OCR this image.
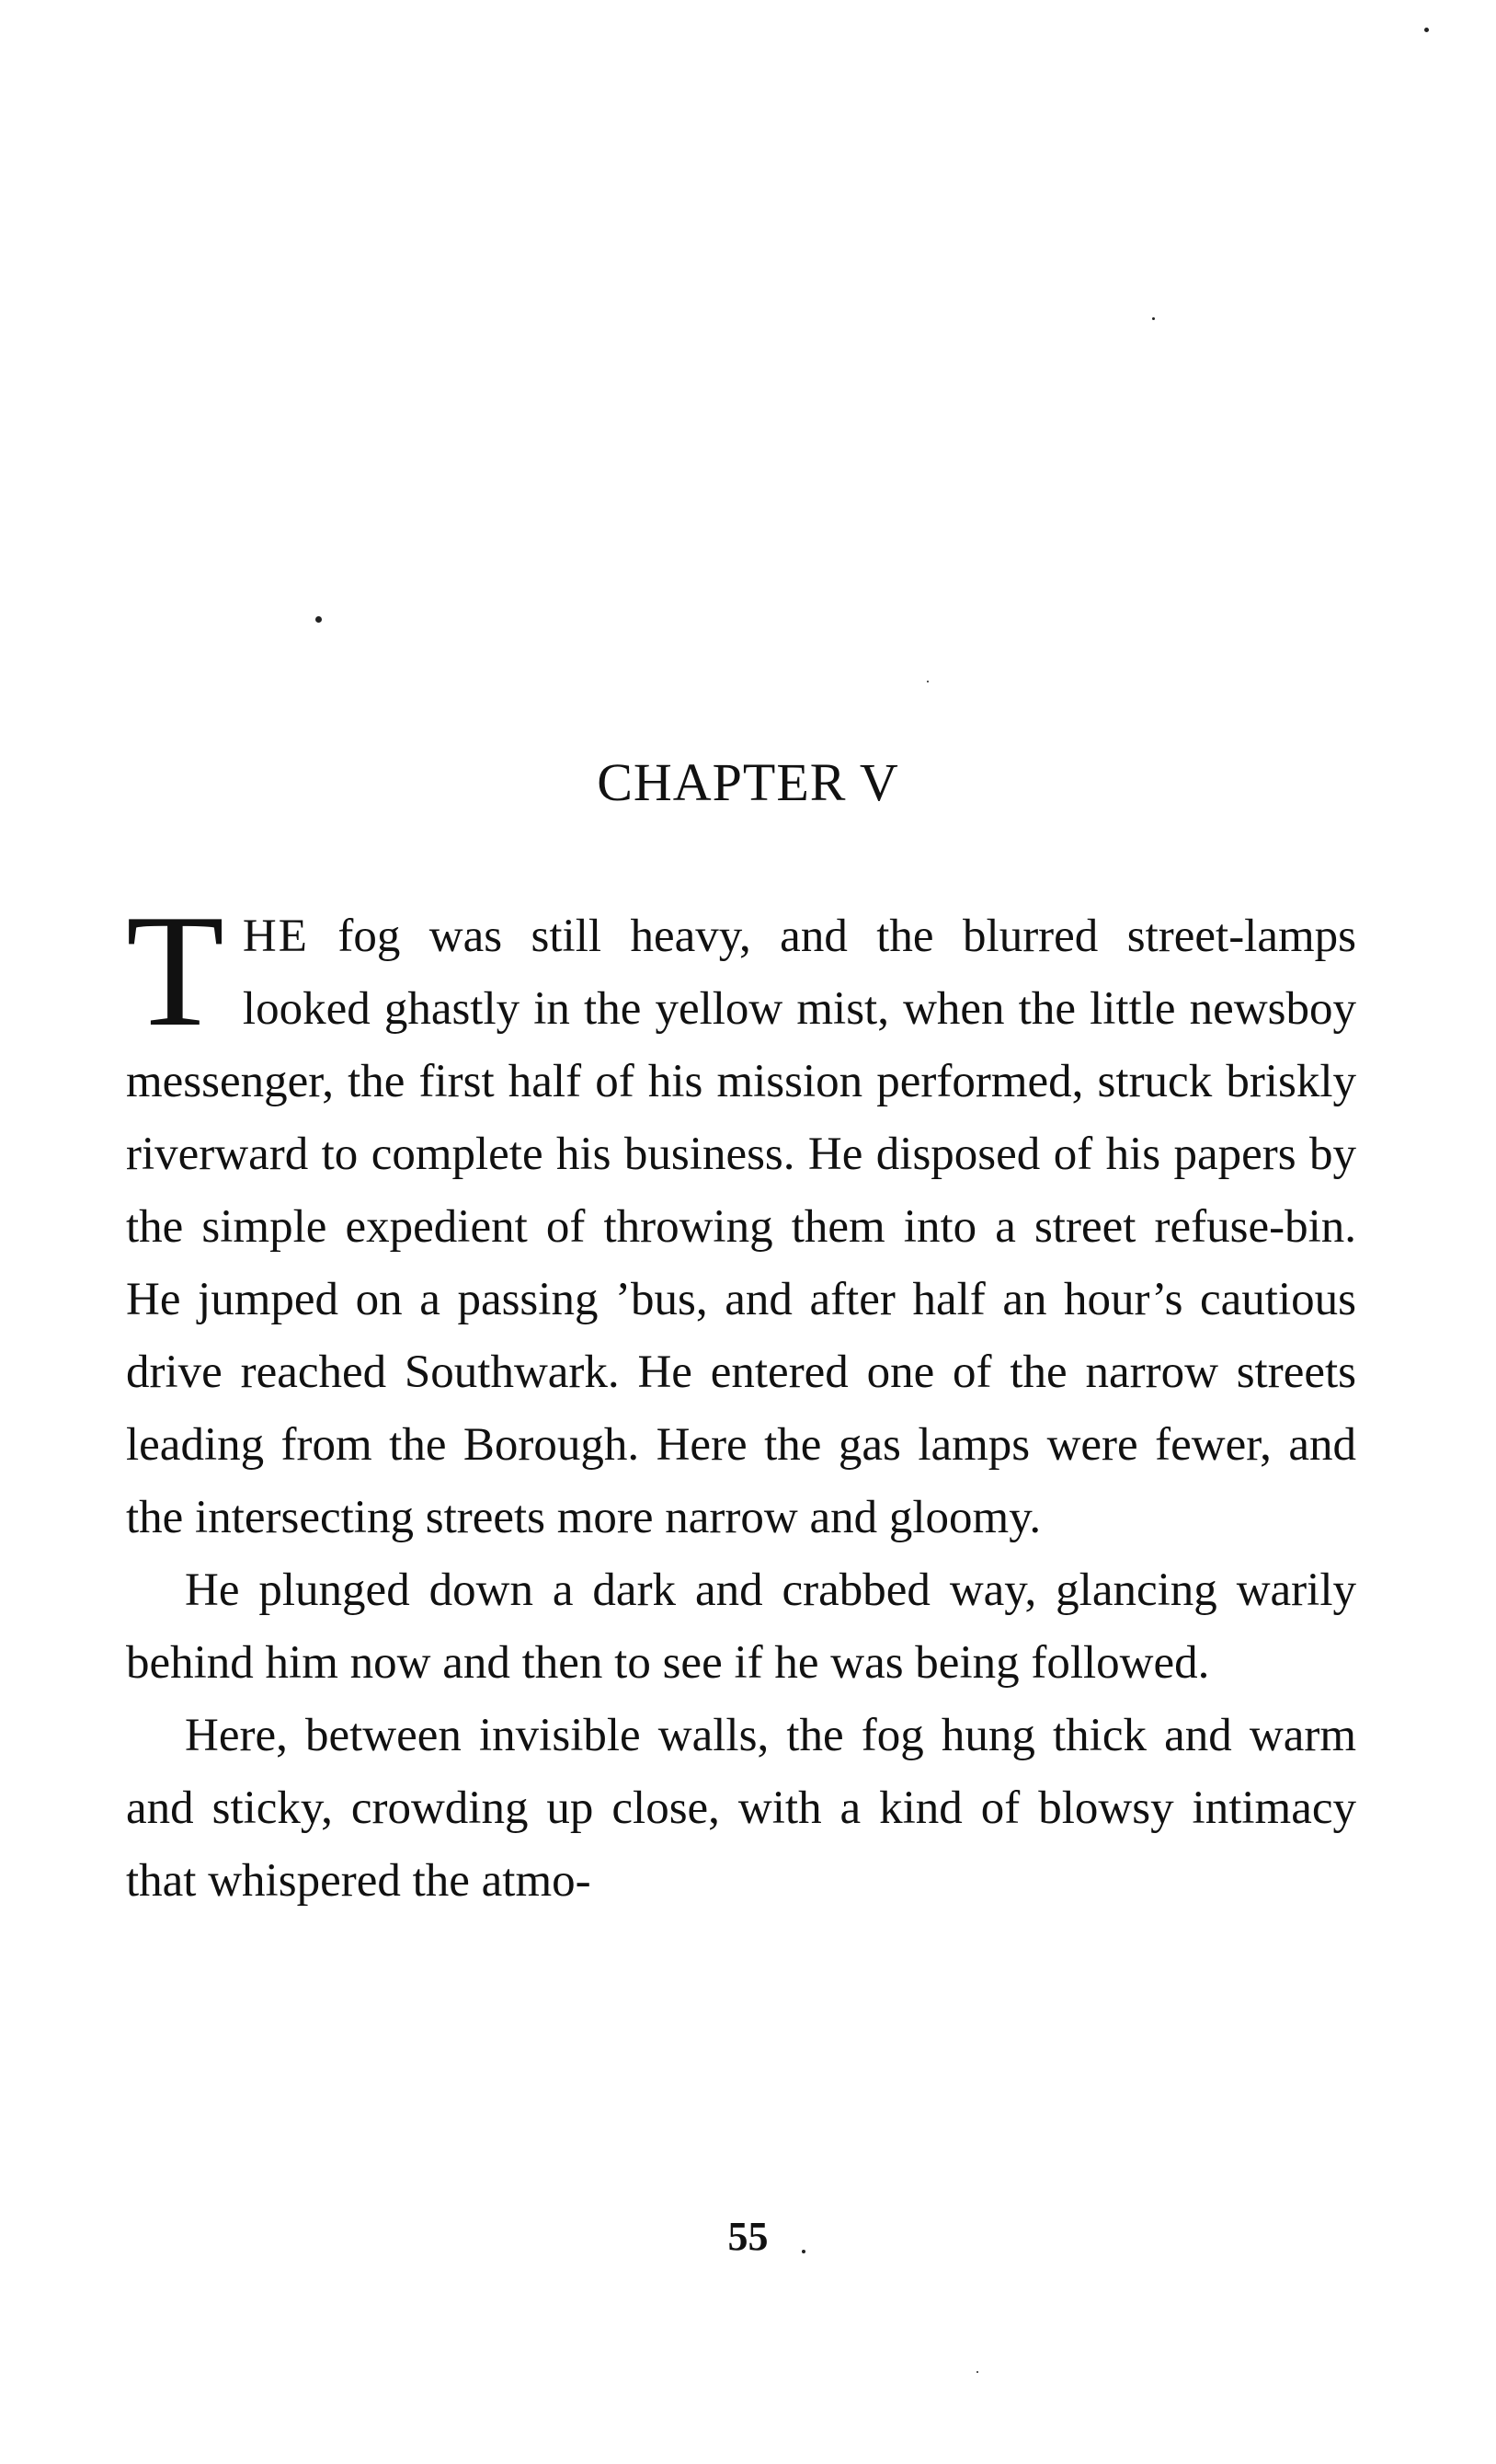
CHAPTER V

THE fog was still heavy, and the blurred street-lamps looked ghastly in the yellow mist, when the little newsboy messenger, the first half of his mission performed, struck briskly riverward to complete his business. He disposed of his papers by the simple expedient of throwing them into a street refuse-bin. He jumped on a passing ’bus, and after half an hour’s cautious drive reached Southwark. He entered one of the narrow streets leading from the Borough. Here the gas lamps were fewer, and the intersecting streets more narrow and gloomy.

He plunged down a dark and crabbed way, glancing warily behind him now and then to see if he was being followed.

Here, between invisible walls, the fog hung thick and warm and sticky, crowding up close, with a kind of blowsy intimacy that whispered the atmo-

55
